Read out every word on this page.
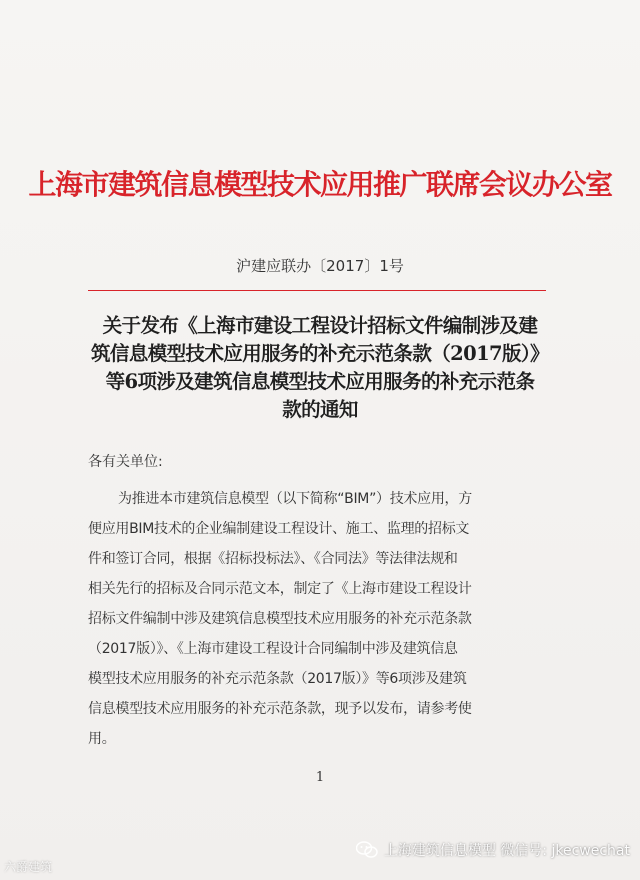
上海市建筑信息模型技术应用推广联席会议办公室
沪建应联办〔2017〕1号
关于发布《上海市建设工程设计招标文件编制涉及建
筑信息模型技术应用服务的补充示范条款（2017版）》
等6项涉及建筑信息模型技术应用服务的补充示范条
款的通知
各有关单位:
为推进本市建筑信息模型（以下简称“BIM”）技术应用，方
便应用BIM技术的企业编制建设工程设计、施工、监理的招标文
件和签订合同，根据《招标投标法》、《合同法》等法律法规和
相关先行的招标及合同示范文本，制定了《上海市建设工程设计
招标文件编制中涉及建筑信息模型技术应用服务的补充示范条款
（2017版）》、《上海市建设工程设计合同编制中涉及建筑信息
模型技术应用服务的补充示范条款（2017版）》等6项涉及建筑
信息模型技术应用服务的补充示范条款，现予以发布，请参考使
用。
1
六爵建筑
上海建筑信息模型 微信号: jkecwechat
